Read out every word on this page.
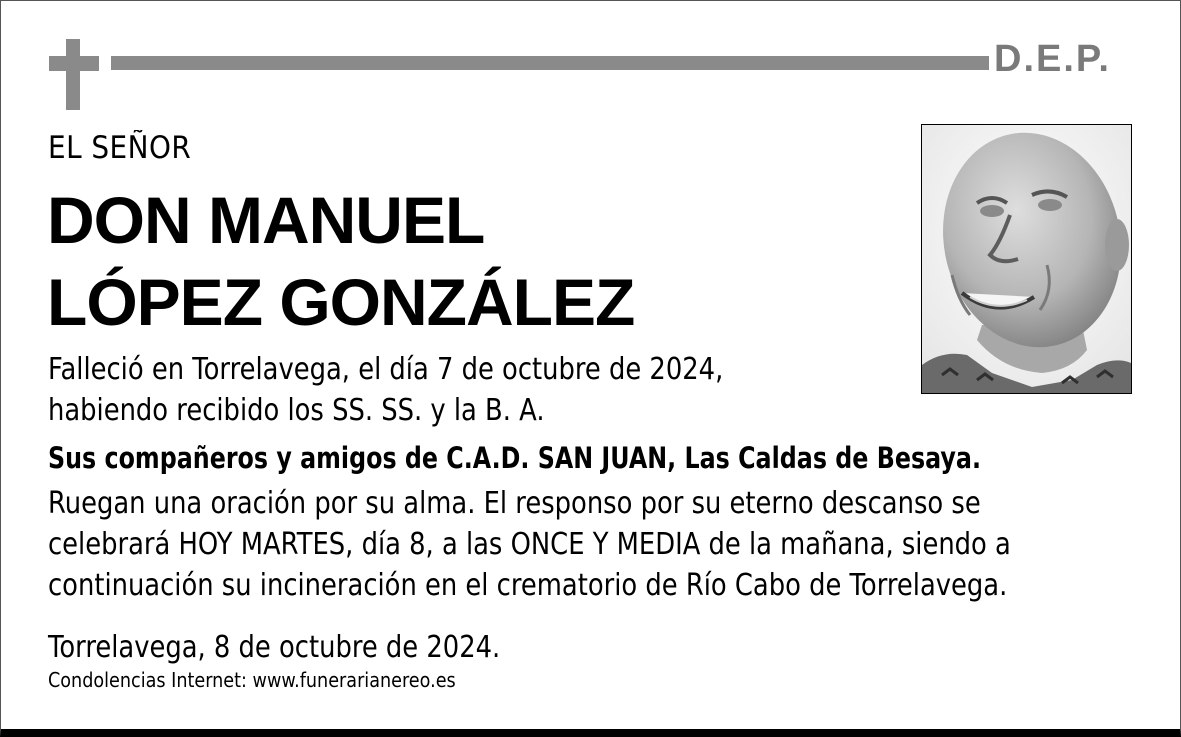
D.E.P.
EL SEÑOR
DON MANUEL
LÓPEZ GONZÁLEZ
Falleció en Torrelavega, el día 7 de octubre de 2024,
habiendo recibido los SS. SS. y la B. A.
Sus compañeros y amigos de C.A.D. SAN JUAN, Las Caldas de Besaya.
Ruegan una oración por su alma. El responso por su eterno descanso se
celebrará HOY MARTES, día 8, a las ONCE Y MEDIA de la mañana, siendo a
continuación su incineración en el crematorio de Río Cabo de Torrelavega.
Torrelavega, 8 de octubre de 2024.
Condolencias Internet: www.funerarianereo.es
